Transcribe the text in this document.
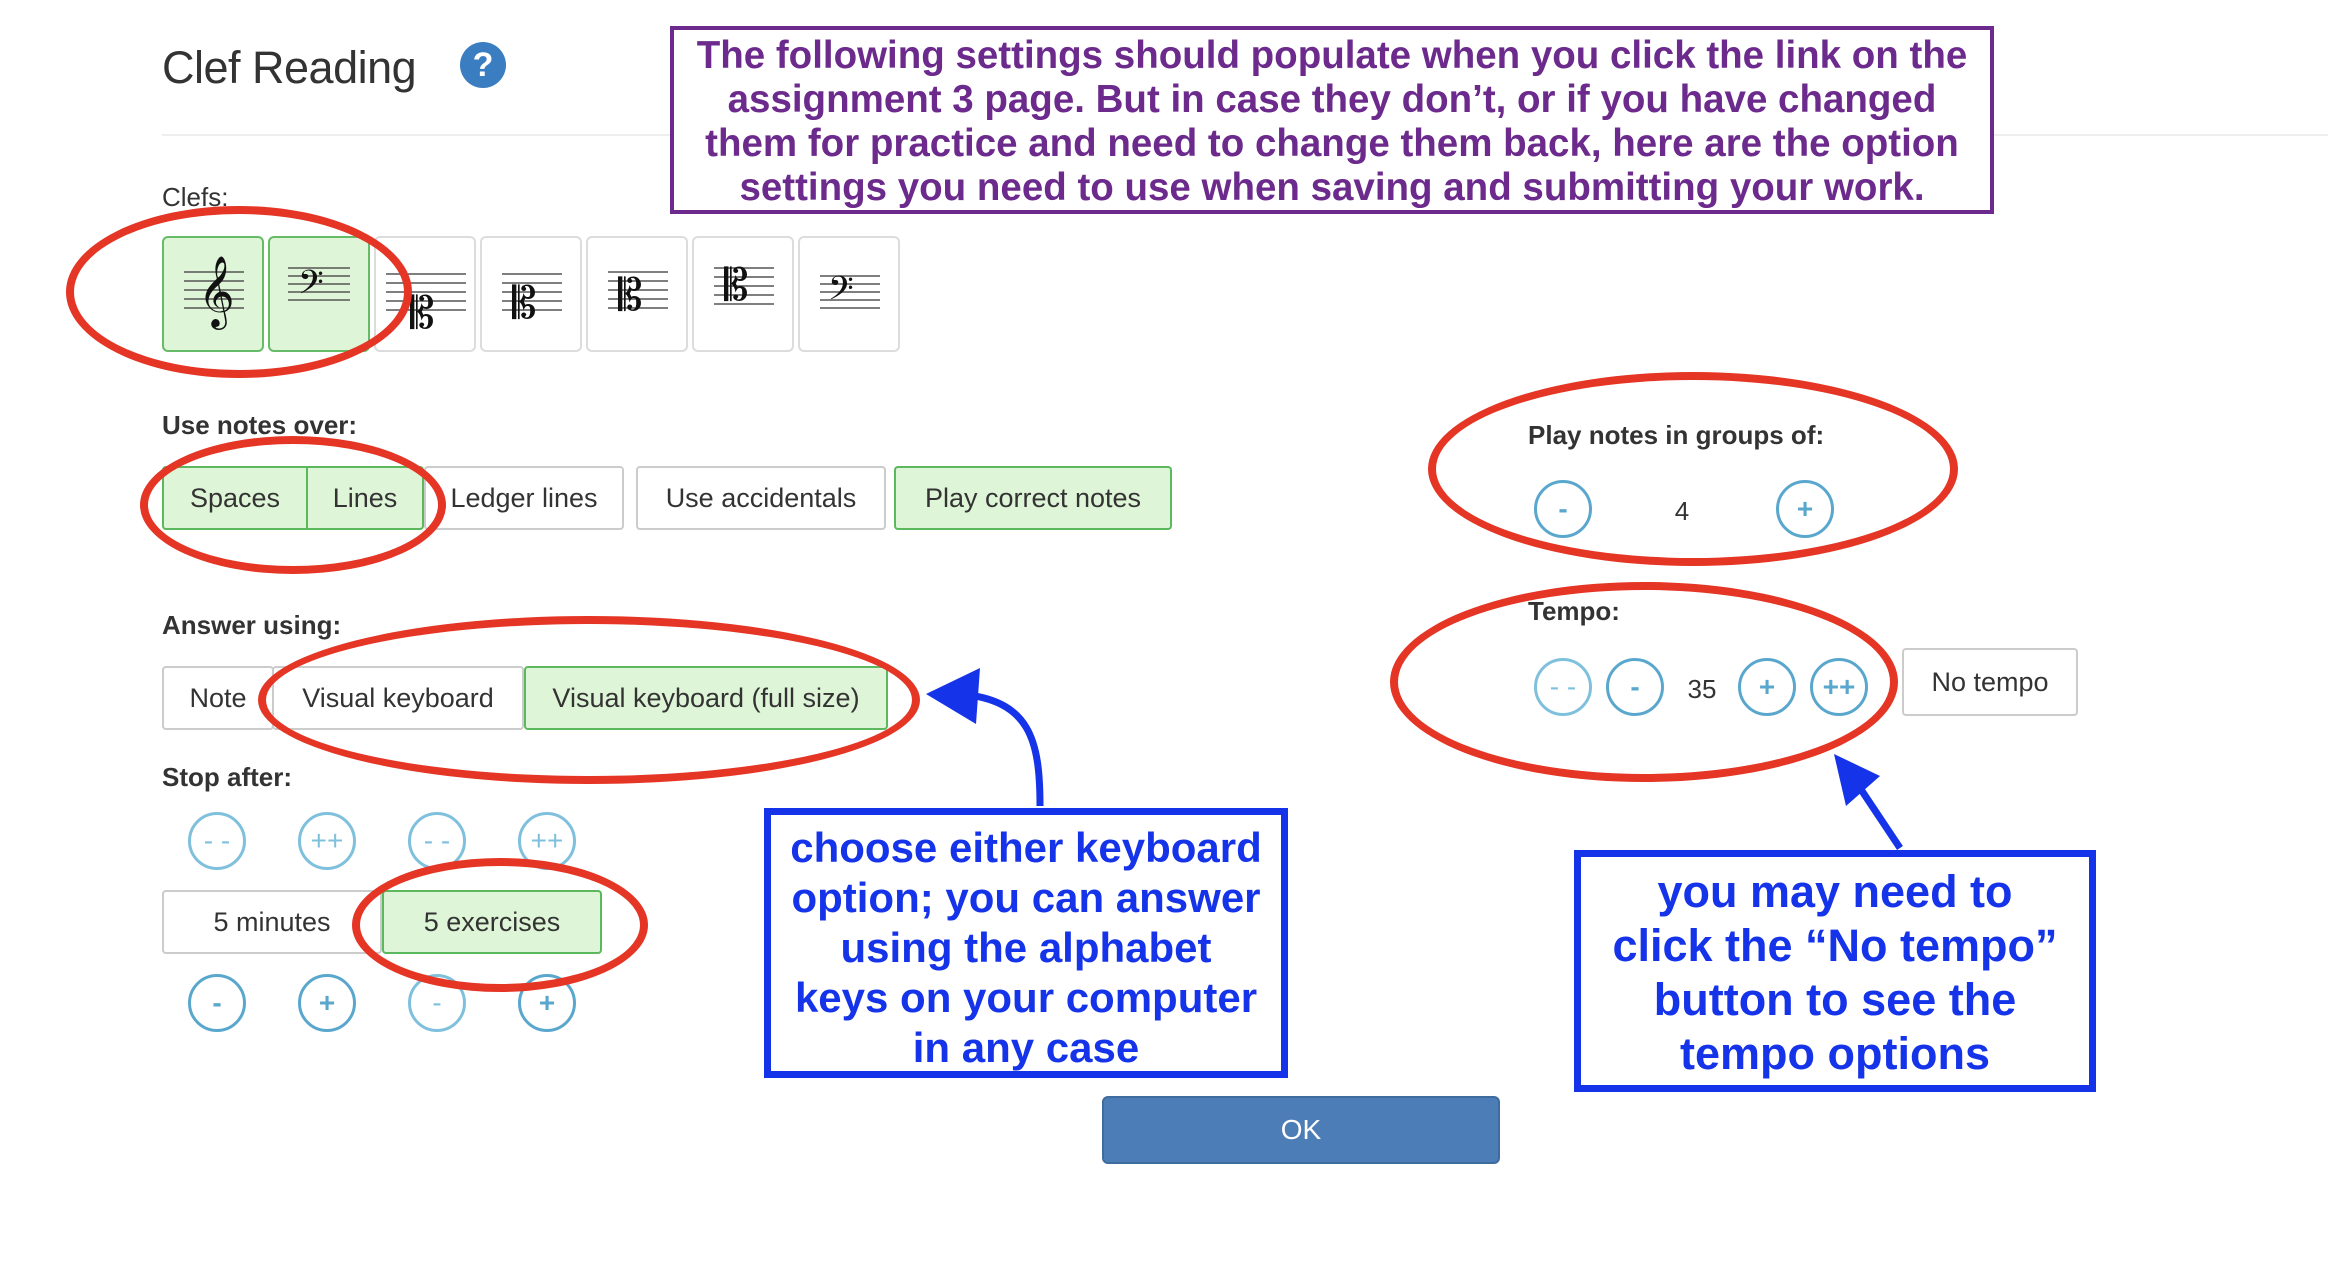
Clef Reading	?
Clefs:
𝄞 𝄢
𝄡 𝄡 𝄡 𝄡 𝄢
Use notes over:
Spaces	Lines	Ledger lines	Use accidentals	Play correct notes
Answer using:
Note	Visual keyboard	Visual keyboard (full size)
Stop after:
- -	++	- -	++
5 minutes	5 exercises
-	+	-	+
Play notes in groups of:
-	4	+
Tempo:
- -	-	35	+	++	No tempo
OK
The following settings should populate when you click the link on the
assignment 3 page. But in case they don’t, or if you have changed
them for practice and need to change them back, here are the option
settings you need to use when saving and submitting your work.
choose either keyboard
option; you can answer
using the alphabet
keys on your computer
in any case
you may need to
click the “No tempo”
button to see the
tempo options
